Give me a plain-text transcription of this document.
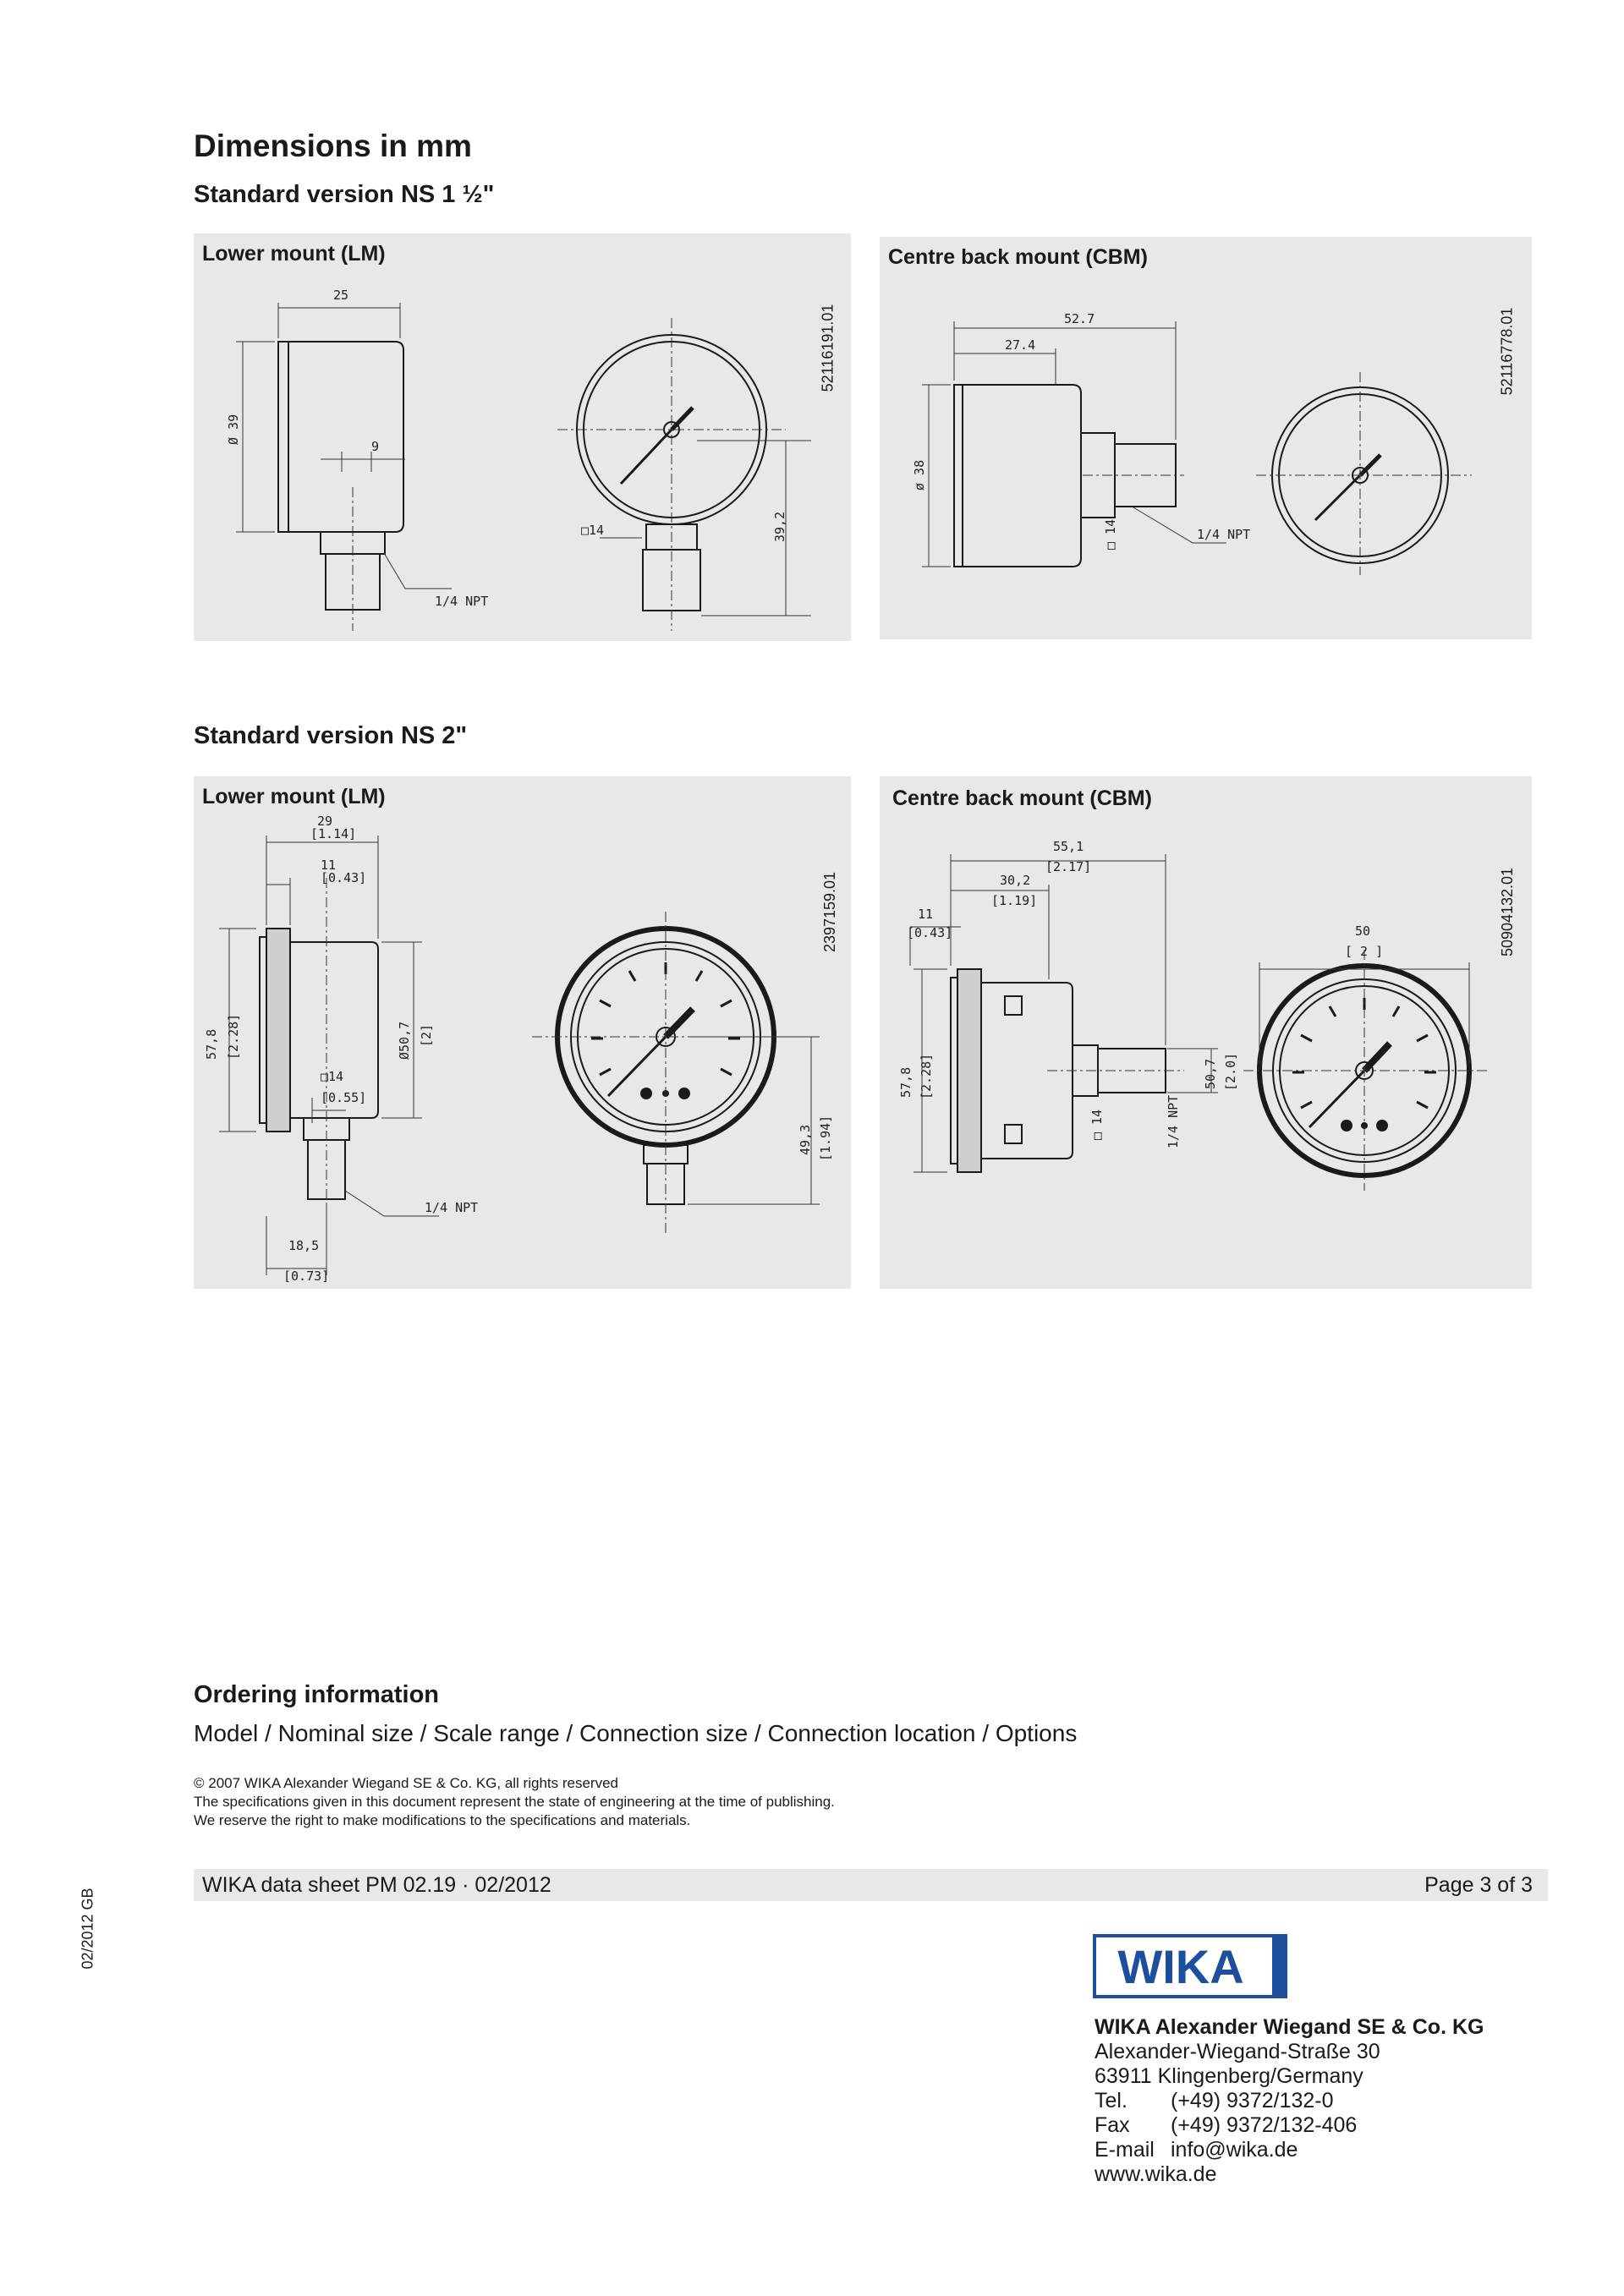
Dimensions in mm
Standard version NS 1 ½"
Lower mount (LM)
52116191.01
25
Ø 39
9
□14	39,2
1/4 NPT
Centre back mount (CBM)
52116778.01
52.7
27.4
ø 38
□ 14	1/4 NPT
Standard version NS 2"
Lower mount (LM)
2397159.01
29
[1.14]
11
[0.43]
57,8 [2.28]
□14
[0.55]
Ø50,7 [2]
49,3 [1.94]
1/4 NPT
18,5
[0.73]
Centre back mount (CBM)
50904132.01
55,1
[2.17]
30,2
[1.19]
11
[0.43]
57,8 [2.28]
□ 14	1/4 NPT
50,7 [2.0]
50
[ 2 ]
Ordering information
Model / Nominal size / Scale range / Connection size / Connection location / Options
© 2007 WIKA Alexander Wiegand SE & Co. KG, all rights reserved
The specifications given in this document represent the state of engineering at the time of publishing.
We reserve the right to make modifications to the specifications and materials.
WIKA data sheet PM 02.19 · 02/2012	Page 3 of 3
02/2012 GB	WIKA
WIKA Alexander Wiegand SE & Co. KG
Alexander-Wiegand-Straße 30
63911 Klingenberg/Germany
Tel.	(+49) 9372/132-0
Fax	(+49) 9372/132-406
E-mail info@wika.de
www.wika.de
